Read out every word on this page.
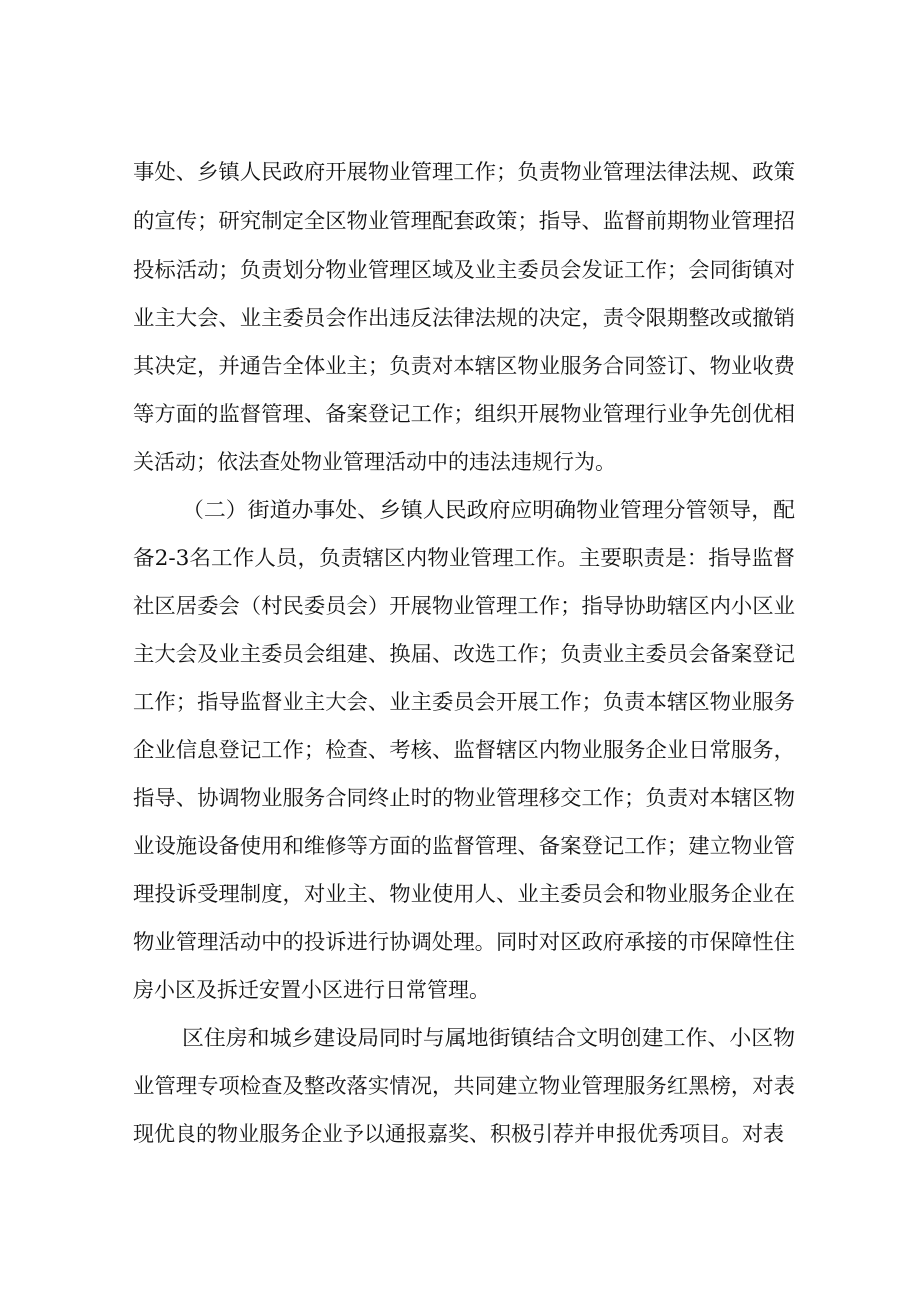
事处、乡镇人民政府开展物业管理工作；负责物业管理法律法规、政策
的宣传；研究制定全区物业管理配套政策；指导、监督前期物业管理招
投标活动；负责划分物业管理区域及业主委员会发证工作；会同街镇对
业主大会、业主委员会作出违反法律法规的决定，责令限期整改或撤销
其决定，并通告全体业主；负责对本辖区物业服务合同签订、物业收费
等方面的监督管理、备案登记工作；组织开展物业管理行业争先创优相
关活动；依法查处物业管理活动中的违法违规行为。
（二）街道办事处、乡镇人民政府应明确物业管理分管领导，配
备2-3名工作人员，负责辖区内物业管理工作。主要职责是：指导监督
社区居委会（村民委员会）开展物业管理工作；指导协助辖区内小区业
主大会及业主委员会组建、换届、改选工作；负责业主委员会备案登记
工作；指导监督业主大会、业主委员会开展工作；负责本辖区物业服务
企业信息登记工作；检查、考核、监督辖区内物业服务企业日常服务，
指导、协调物业服务合同终止时的物业管理移交工作；负责对本辖区物
业设施设备使用和维修等方面的监督管理、备案登记工作；建立物业管
理投诉受理制度，对业主、物业使用人、业主委员会和物业服务企业在
物业管理活动中的投诉进行协调处理。同时对区政府承接的市保障性住
房小区及拆迁安置小区进行日常管理。
区住房和城乡建设局同时与属地街镇结合文明创建工作、小区物
业管理专项检查及整改落实情况，共同建立物业管理服务红黑榜，对表
现优良的物业服务企业予以通报嘉奖、积极引荐并申报优秀项目。对表
